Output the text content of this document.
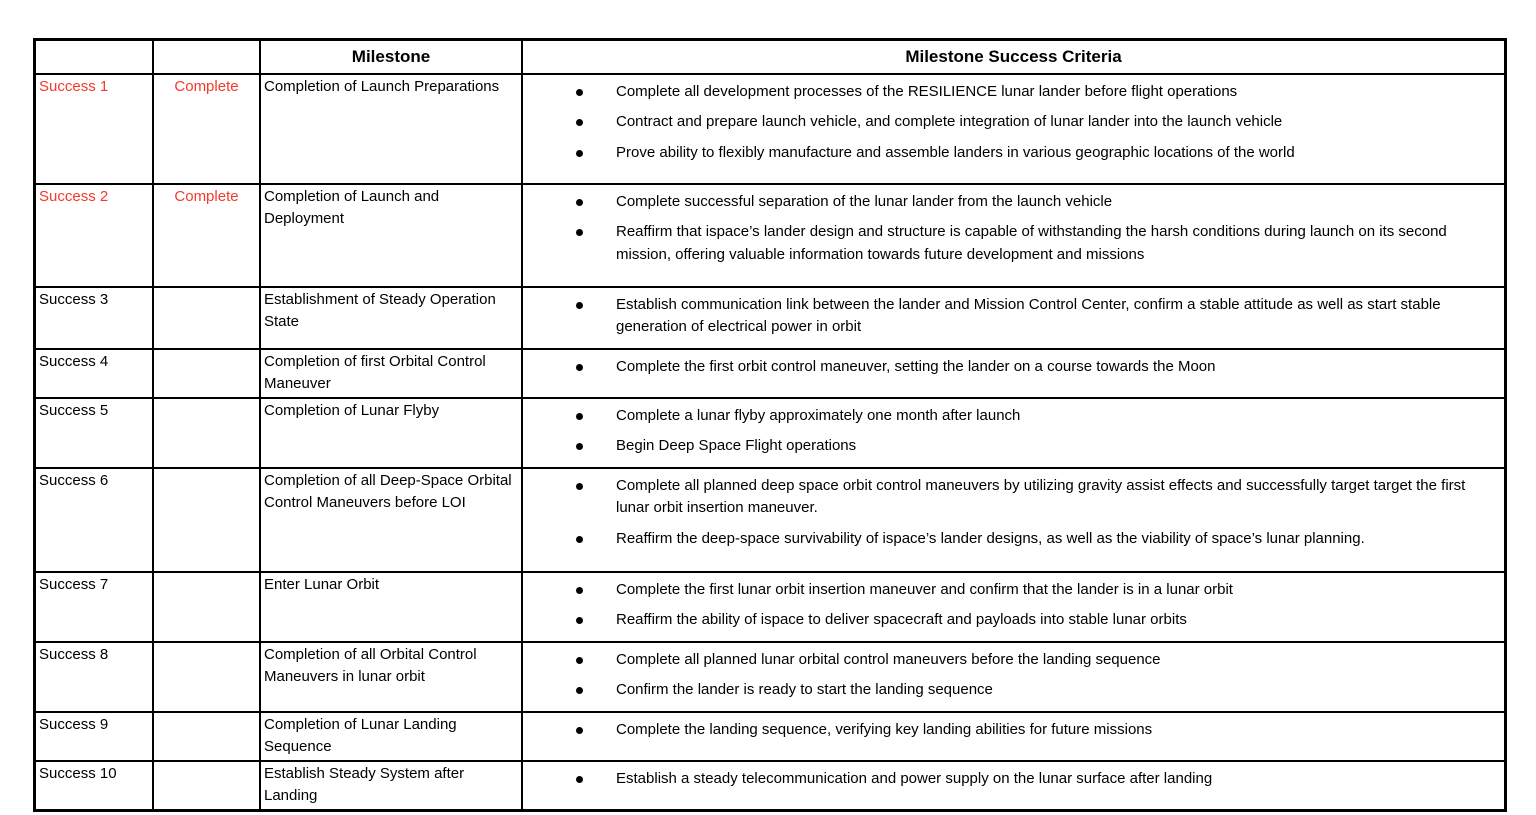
		Milestone	Milestone Success Criteria
Success 1	Complete	Completion of Launch Preparations	Complete all development processes of the RESILIENCE lunar lander before flight operations
Contract and prepare launch vehicle, and complete integration of lunar lander into the launch vehicle
Prove ability to flexibly manufacture and assemble landers in various geographic locations of the world

Success 2	Complete	Completion of Launch and Deployment	
Complete successful separation of the lunar lander from the launch vehicle
Reaffirm that ispace’s lander design and structure is capable of withstanding the harsh conditions during launch on its second mission, offering valuable information towards future development and missions

Success 3		Establishment of Steady Operation State	
Establish communication link between the lander and Mission Control Center, confirm a stable attitude as well as start stable generation of electrical power in orbit

Success 4		Completion of first Orbital Control Maneuver	
Complete the first orbit control maneuver, setting the lander on a course towards the Moon

Success 5		Completion of Lunar Flyby	Complete a lunar flyby approximately one month after launch
Begin Deep Space Flight operations

Success 6		Completion of all Deep-Space Orbital Control Maneuvers before LOI	
Complete all planned deep space orbit control maneuvers by utilizing gravity assist effects and successfully target target the first lunar orbit insertion maneuver.
Reaffirm the deep-space survivability of ispace’s lander designs, as well as the viability of space’s lunar planning.

Success 7		Enter Lunar Orbit	Complete the first lunar orbit insertion maneuver and confirm that the lander is in a lunar orbit
Reaffirm the ability of ispace to deliver spacecraft and payloads into stable lunar orbits

Success 8		Completion of all Orbital Control Maneuvers in lunar orbit	
Complete all planned lunar orbital control maneuvers before the landing sequence
Confirm the lander is ready to start the landing sequence

Success 9		Completion of Lunar Landing Sequence	
Complete the landing sequence, verifying key landing abilities for future missions

Success 10		Establish Steady System after Landing	
Establish a steady telecommunication and power supply on the lunar surface after landing
